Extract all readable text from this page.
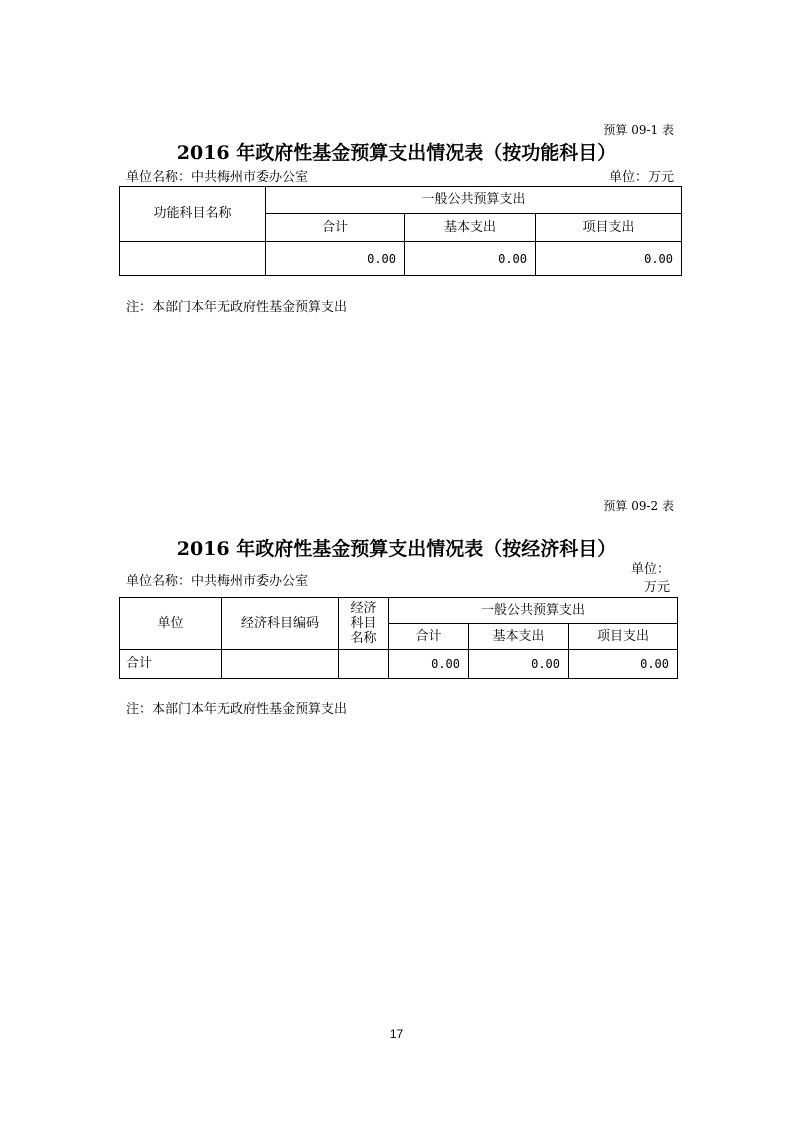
预算 09-1 表
2016 年政府性基金预算支出情况表（按功能科目）
单位名称：中共梅州市委办公室	单位：万元
功能科目名称	一般公共预算支出		
	合计	基本支出	项目支出
	0.00	0.00	0.00
注：本部门本年无政府性基金预算支出
预算 09-2 表
2016 年政府性基金预算支出情况表（按经济科目）
单位名称：中共梅州市委办公室
单位：
万元
单位	经济科目编码	经济
科目
名称	一般公共预算支出		
			合计	基本支出	项目支出
合计			0.00	0.00	0.00
注：本部门本年无政府性基金预算支出
17
